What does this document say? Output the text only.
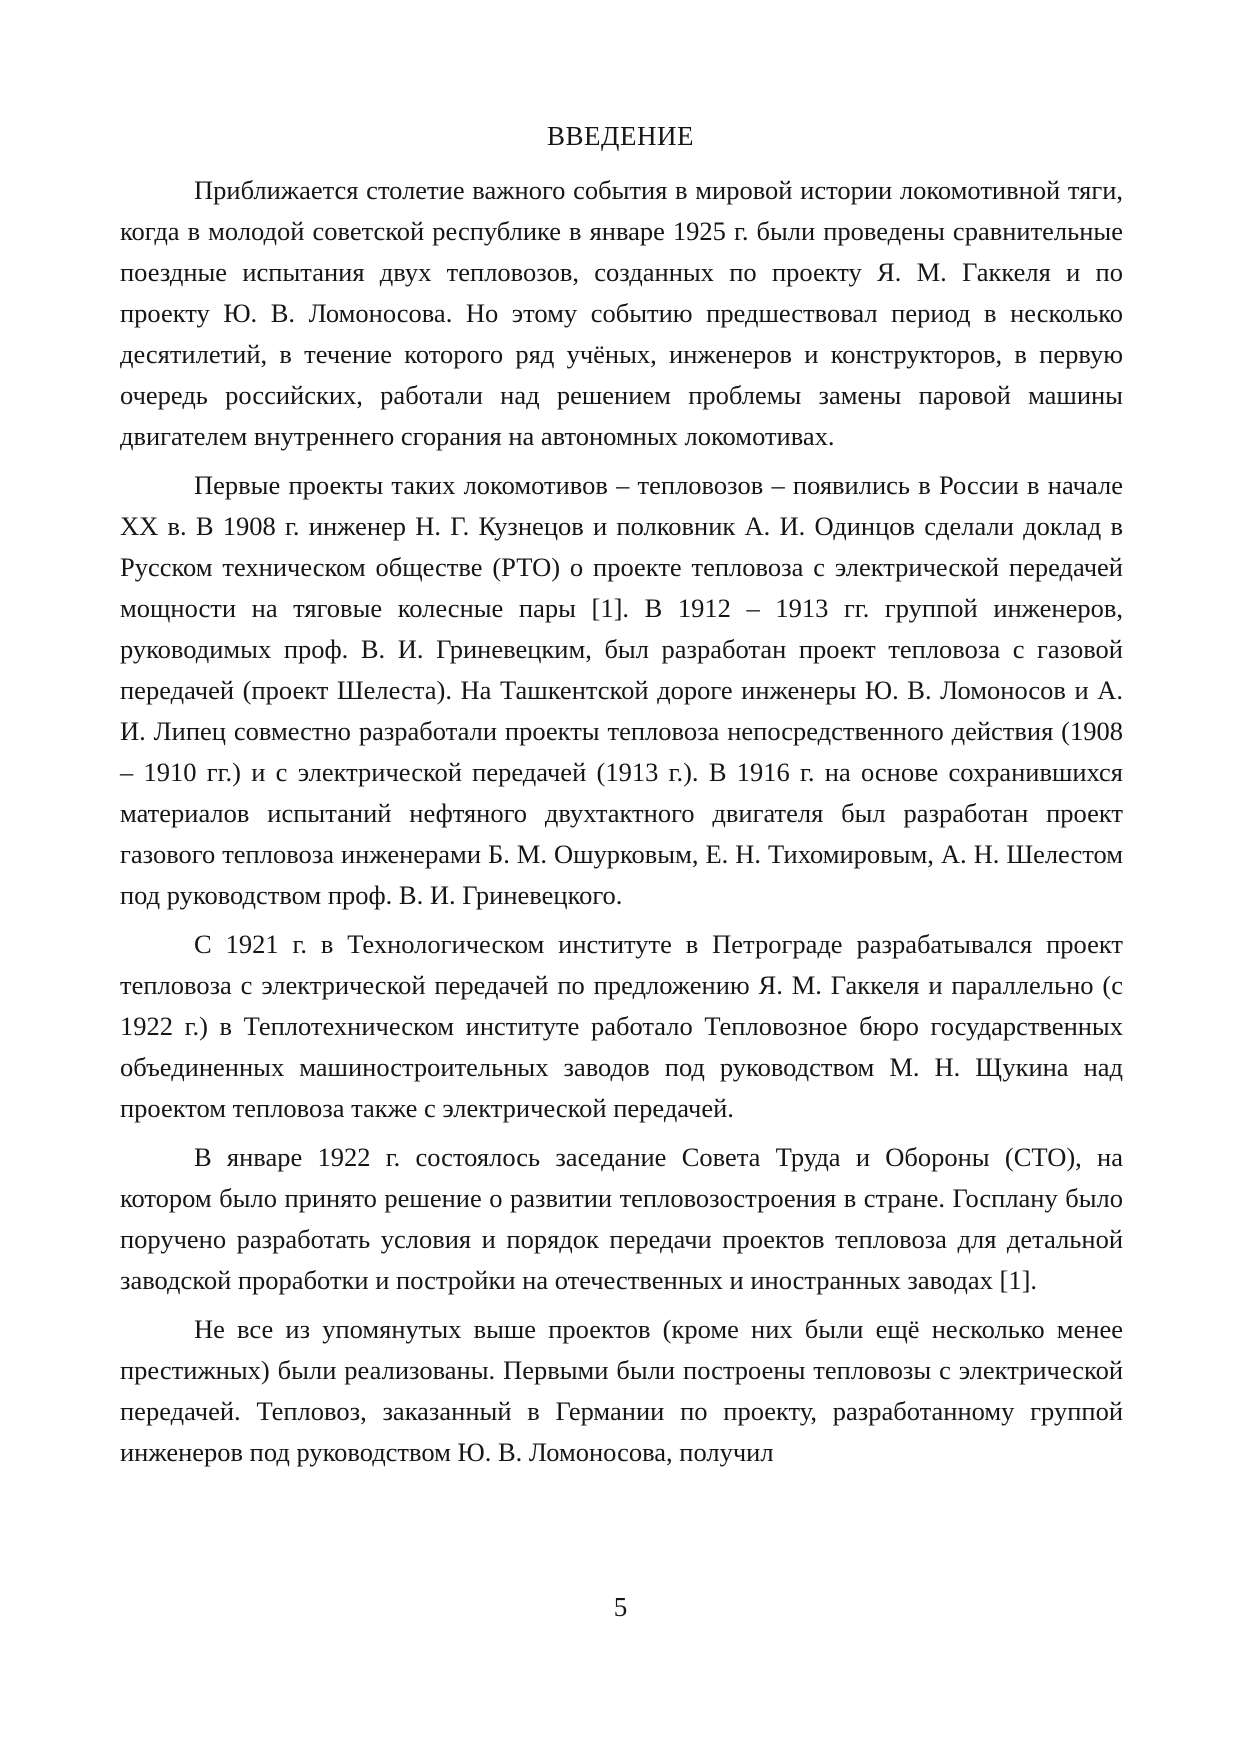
ВВЕДЕНИЕ

Приближается столетие важного события в мировой истории локомотивной тяги, когда в молодой советской республике в январе 1925 г. были проведены сравнительные поездные испытания двух тепловозов, созданных по проекту Я. М. Гаккеля и по проекту Ю. В. Ломоносова. Но этому событию предшествовал период в несколько десятилетий, в течение которого ряд учёных, инженеров и конструкторов, в первую очередь российских, работали над решением проблемы замены паровой машины двигателем внутреннего сгорания на автономных локомотивах.

Первые проекты таких локомотивов – тепловозов – появились в России в начале XX в. В 1908 г. инженер Н. Г. Кузнецов и полковник А. И. Одинцов сделали доклад в Русском техническом обществе (РТО) о проекте тепловоза с электрической передачей мощности на тяговые колесные пары [1]. В 1912 – 1913 гг. группой инженеров, руководимых проф. В. И. Гриневецким, был разработан проект тепловоза с газовой передачей (проект Шелеста). На Ташкентской дороге инженеры Ю. В. Ломоносов и А. И. Липец совместно разработали проекты тепловоза непосредственного действия (1908 – 1910 гг.) и с электрической передачей (1913 г.). В 1916 г. на основе сохранившихся материалов испытаний нефтяного двухтактного двигателя был разработан проект газового тепловоза инженерами Б. М. Ошурковым, Е. Н. Тихомировым, А. Н. Шелестом под руководством проф. В. И. Гриневецкого.

С 1921 г. в Технологическом институте в Петрограде разрабатывался проект тепловоза с электрической передачей по предложению Я. М. Гаккеля и параллельно (с 1922 г.) в Теплотехническом институте работало Тепловозное бюро государственных объединенных машиностроительных заводов под руководством М. Н. Щукина над проектом тепловоза также с электрической передачей.

В январе 1922 г. состоялось заседание Совета Труда и Обороны (СТО), на котором было принято решение о развитии тепловозостроения в стране. Госплану было поручено разработать условия и порядок передачи проектов тепловоза для детальной заводской проработки и постройки на отечественных и иностранных заводах [1].

Не все из упомянутых выше проектов (кроме них были ещё несколько менее престижных) были реализованы. Первыми были построены тепловозы с электрической передачей. Тепловоз, заказанный в Германии по проекту, разработанному группой инженеров под руководством Ю. В. Ломоносова, получил

5
